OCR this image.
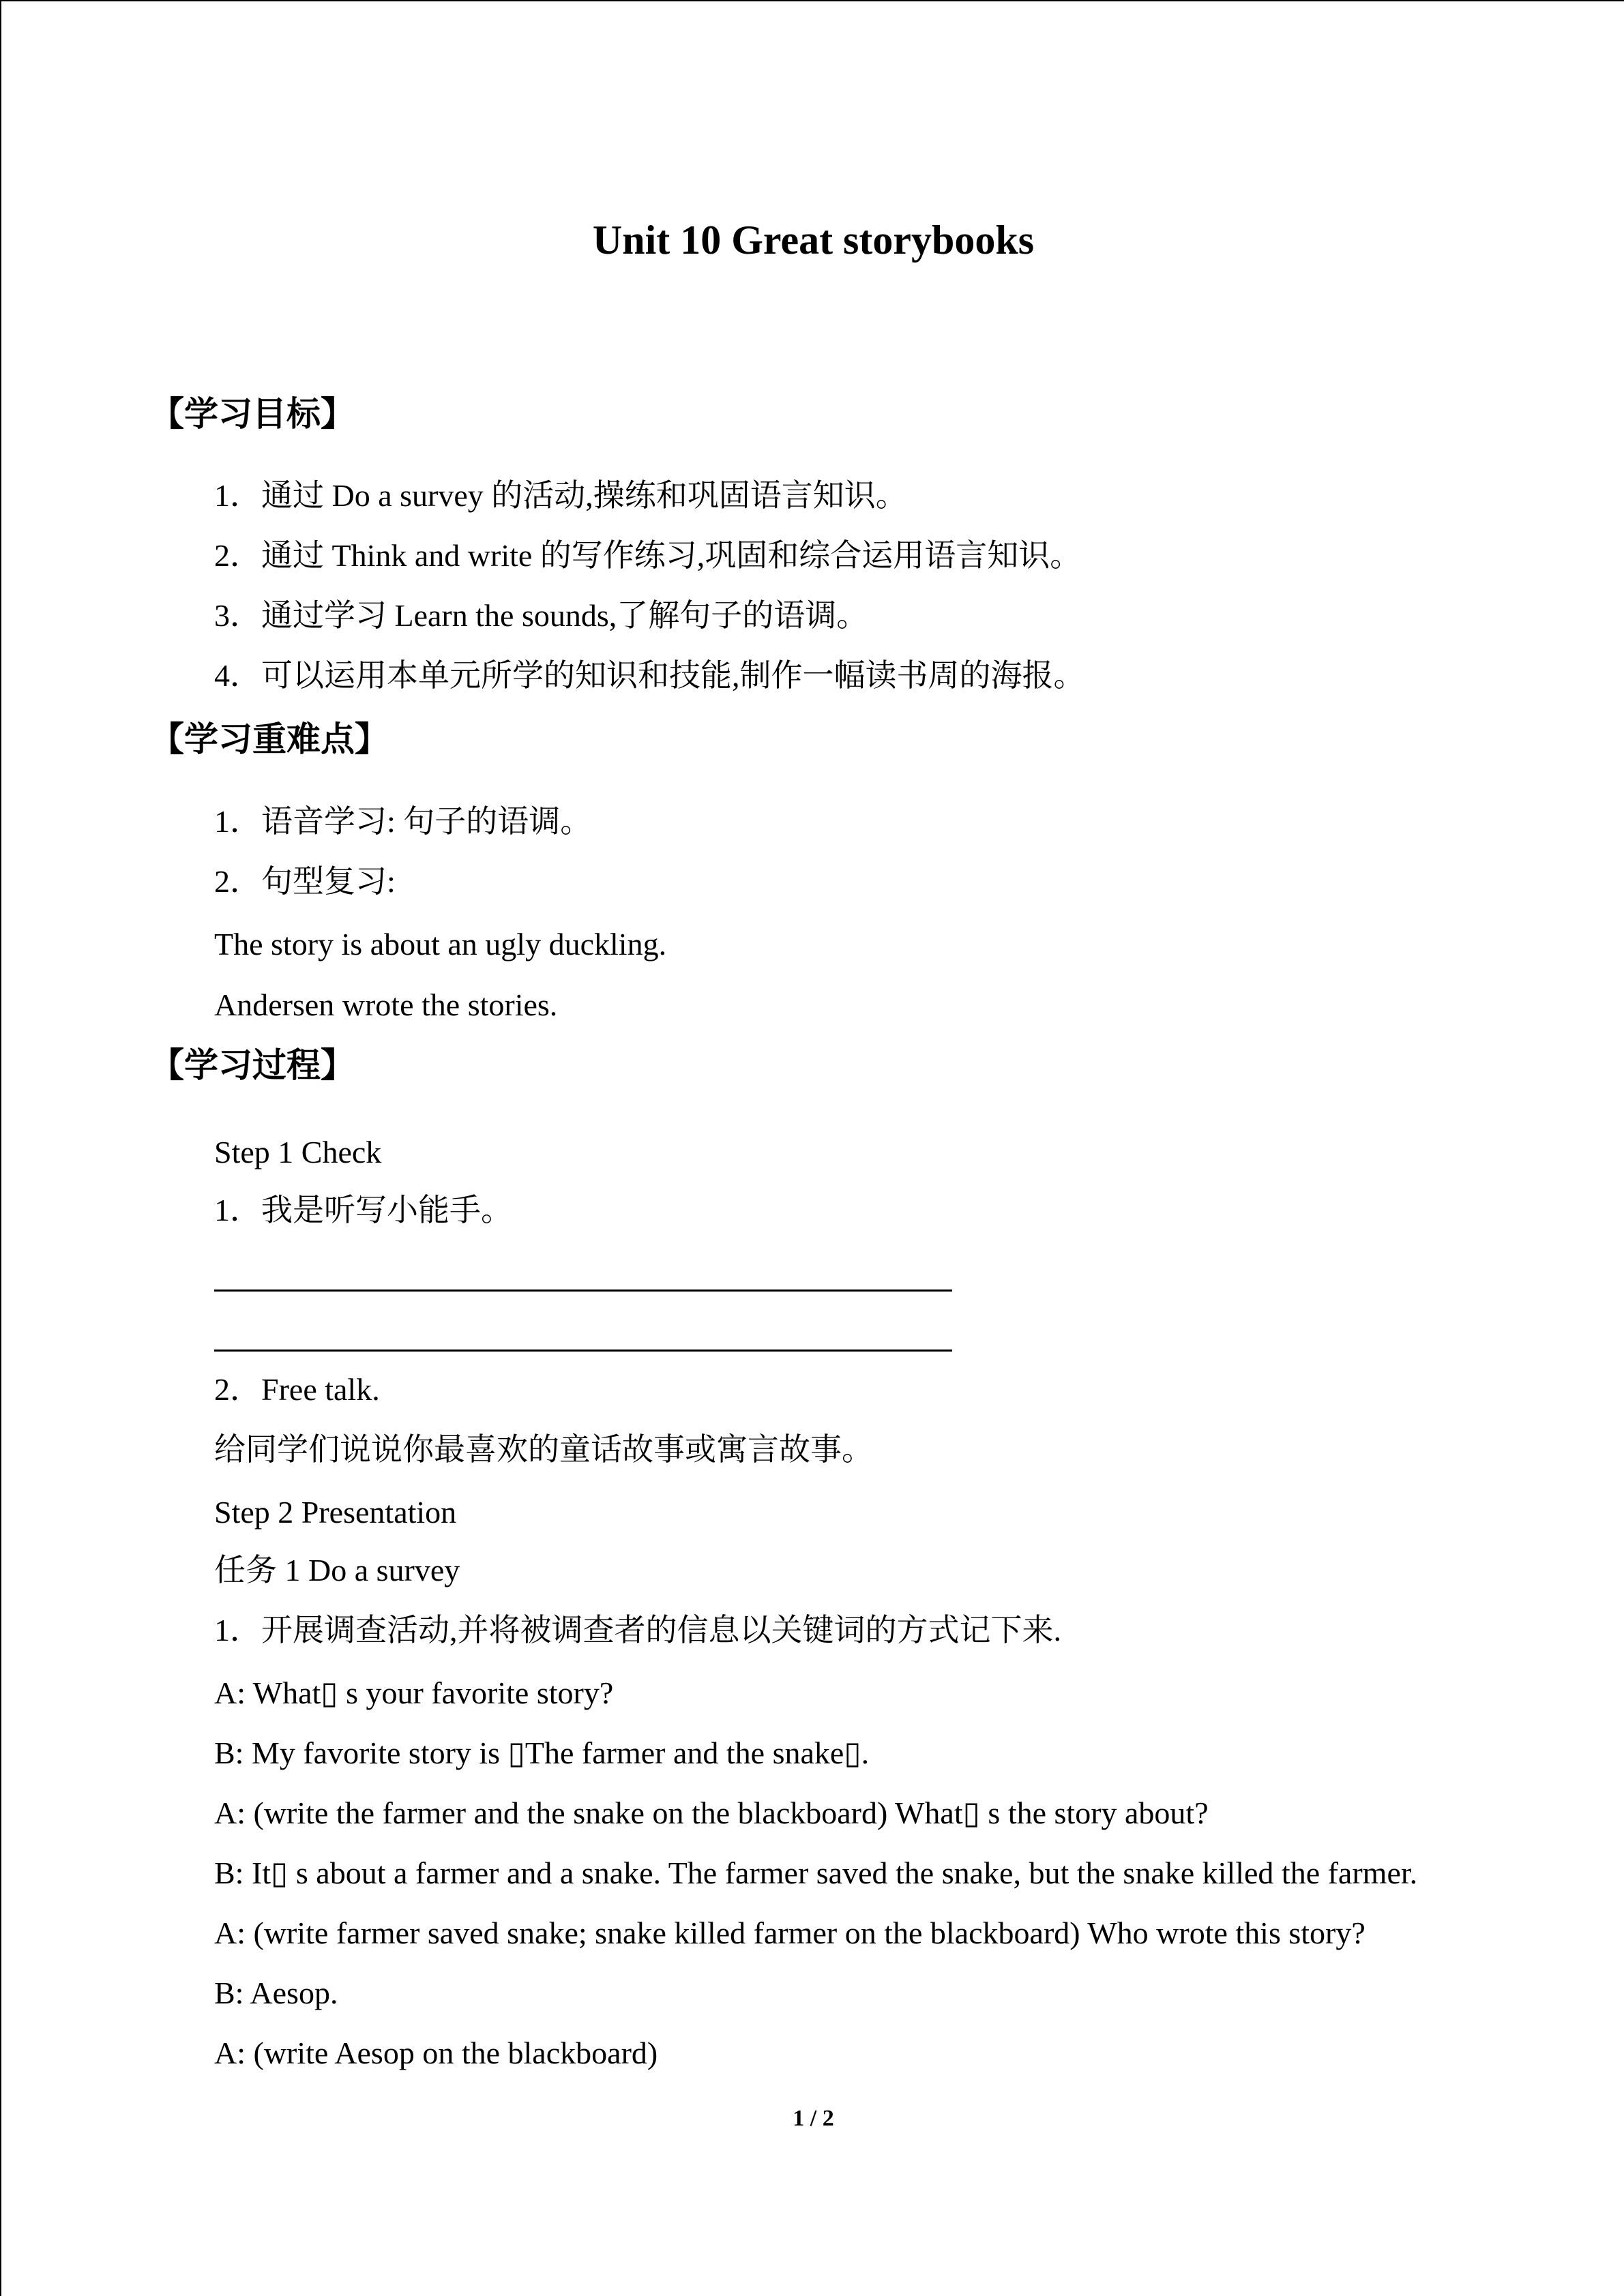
Unit 10 Great storybooks
【学习目标】
1．通过 Do a survey 的活动,操练和巩固语言知识。
2．通过 Think and write 的写作练习,巩固和综合运用语言知识。
3．通过学习 Learn the sounds,了解句子的语调。
4．可以运用本单元所学的知识和技能,制作一幅读书周的海报。
【学习重难点】
1．语音学习: 句子的语调。
2．句型复习:
The story is about an ugly duckling.
Andersen wrote the stories.
【学习过程】
Step 1 Check
1．我是听写小能手。
2．Free talk.
给同学们说说你最喜欢的童话故事或寓言故事。
Step 2 Presentation
任务 1 Do a survey
1．开展调查活动,并将被调查者的信息以关键词的方式记下来.
A: What▯ s your favorite story?
B: My favorite story is ▯The farmer and the snake▯.
A: (write the farmer and the snake on the blackboard) What▯ s the story about?
B: It▯ s about a farmer and a snake. The farmer saved the snake, but the snake killed the farmer.
A: (write farmer saved snake; snake killed farmer on the blackboard) Who wrote this story?
B: Aesop.
A: (write Aesop on the blackboard)
1 / 2
